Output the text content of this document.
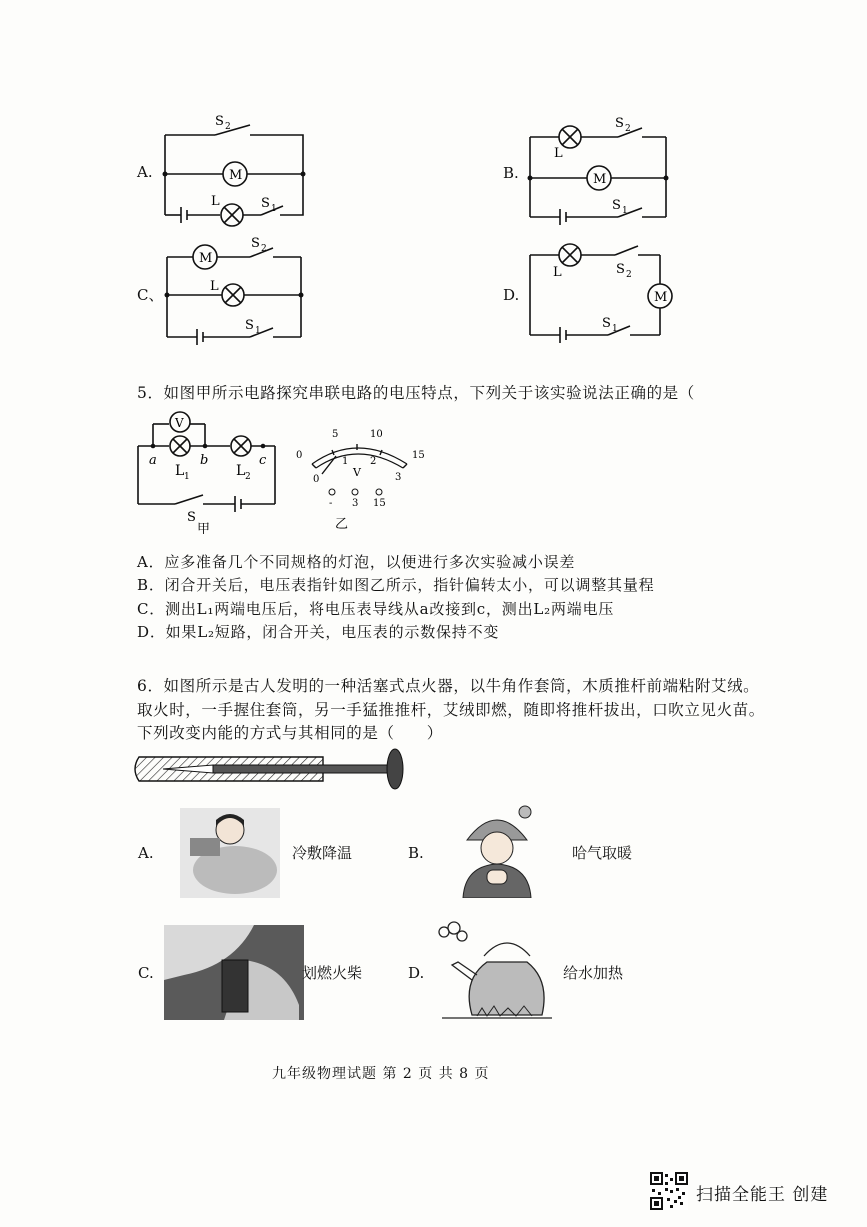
A.
S 2
M
L	S 1
B.
L
S 2
M
S 1
C、
M
S 2
L
S 1
D.
L	S 2
M
S 1
5．如图甲所示电路探究串联电路的电压特点，下列关于该实验说法正确的是（
V
a	b	c
L 1	L 2
S
甲
0
5	10
15
0
1 2
3
V
- 3 15
乙
A．应多准备几个不同规格的灯泡，以便进行多次实验减小误差
B．闭合开关后，电压表指针如图乙所示，指针偏转太小，可以调整其量程
C．测出L₁两端电压后，将电压表导线从a改接到c，测出L₂两端电压
D．如果L₂短路，闭合开关，电压表的示数保持不变
6．如图所示是古人发明的一种活塞式点火器，以牛角作套筒，木质推杆前端粘附艾绒。
取火时，一手握住套筒，另一手猛推推杆，艾绒即燃，随即将推杆拔出，口吹立见火苗。
下列改变内能的方式与其相同的是（　　）
A.	冷敷降温	B.	哈气取暖
C.	划燃火柴	D.	给水加热
九年级物理试题 第 2 页 共 8 页
扫描全能王 创建
